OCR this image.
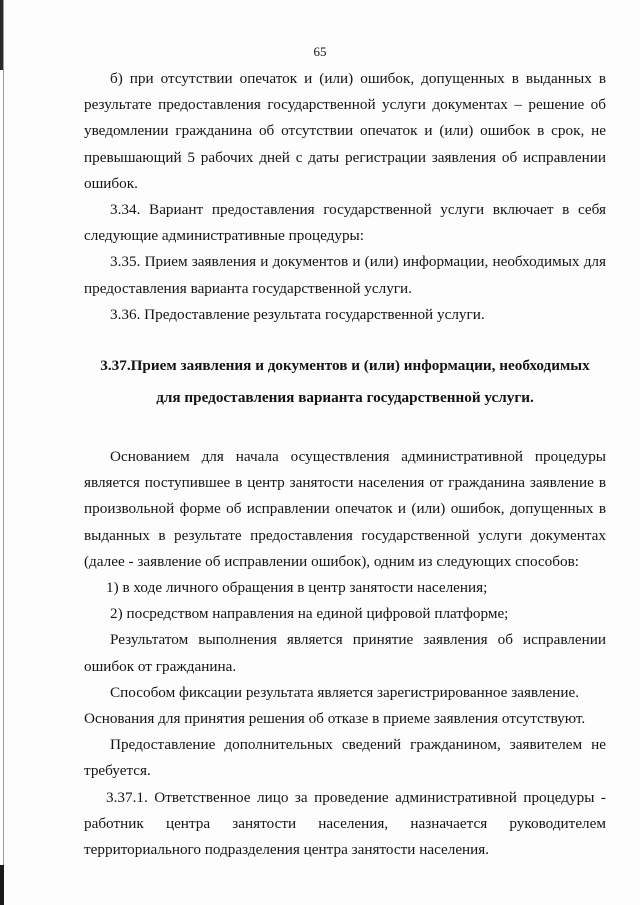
65

б) при отсутствии опечаток и (или) ошибок, допущенных в выданных в результате предоставления государственной услуги документах – решение об уведомлении гражданина об отсутствии опечаток и (или) ошибок в срок, не превышающий 5 рабочих дней с даты регистрации заявления об исправлении ошибок.

3.34. Вариант предоставления государственной услуги включает в себя следующие административные процедуры:

3.35. Прием заявления и документов и (или) информации, необходимых для предоставления варианта государственной услуги.

3.36. Предоставление результата государственной услуги.

3.37.Прием заявления и документов и (или) информации, необходимых
для предоставления варианта государственной услуги.

Основанием для начала осуществления административной процедуры является поступившее в центр занятости населения от гражданина заявление в произвольной форме об исправлении опечаток и (или) ошибок, допущенных в выданных в результате предоставления государственной услуги документах (далее - заявление об исправлении ошибок), одним из следующих способов:

1) в ходе личного обращения в центр занятости населения;

2) посредством направления на единой цифровой платформе;

Результатом выполнения является принятие заявления об исправлении ошибок от гражданина.

Способом фиксации результата является зарегистрированное заявление.

Основания для принятия решения об отказе в приеме заявления отсутствуют.

Предоставление дополнительных сведений гражданином, заявителем не требуется.

3.37.1. Ответственное лицо за проведение административной процедуры - работник центра занятости населения, назначается руководителем территориального подразделения центра занятости населения.
